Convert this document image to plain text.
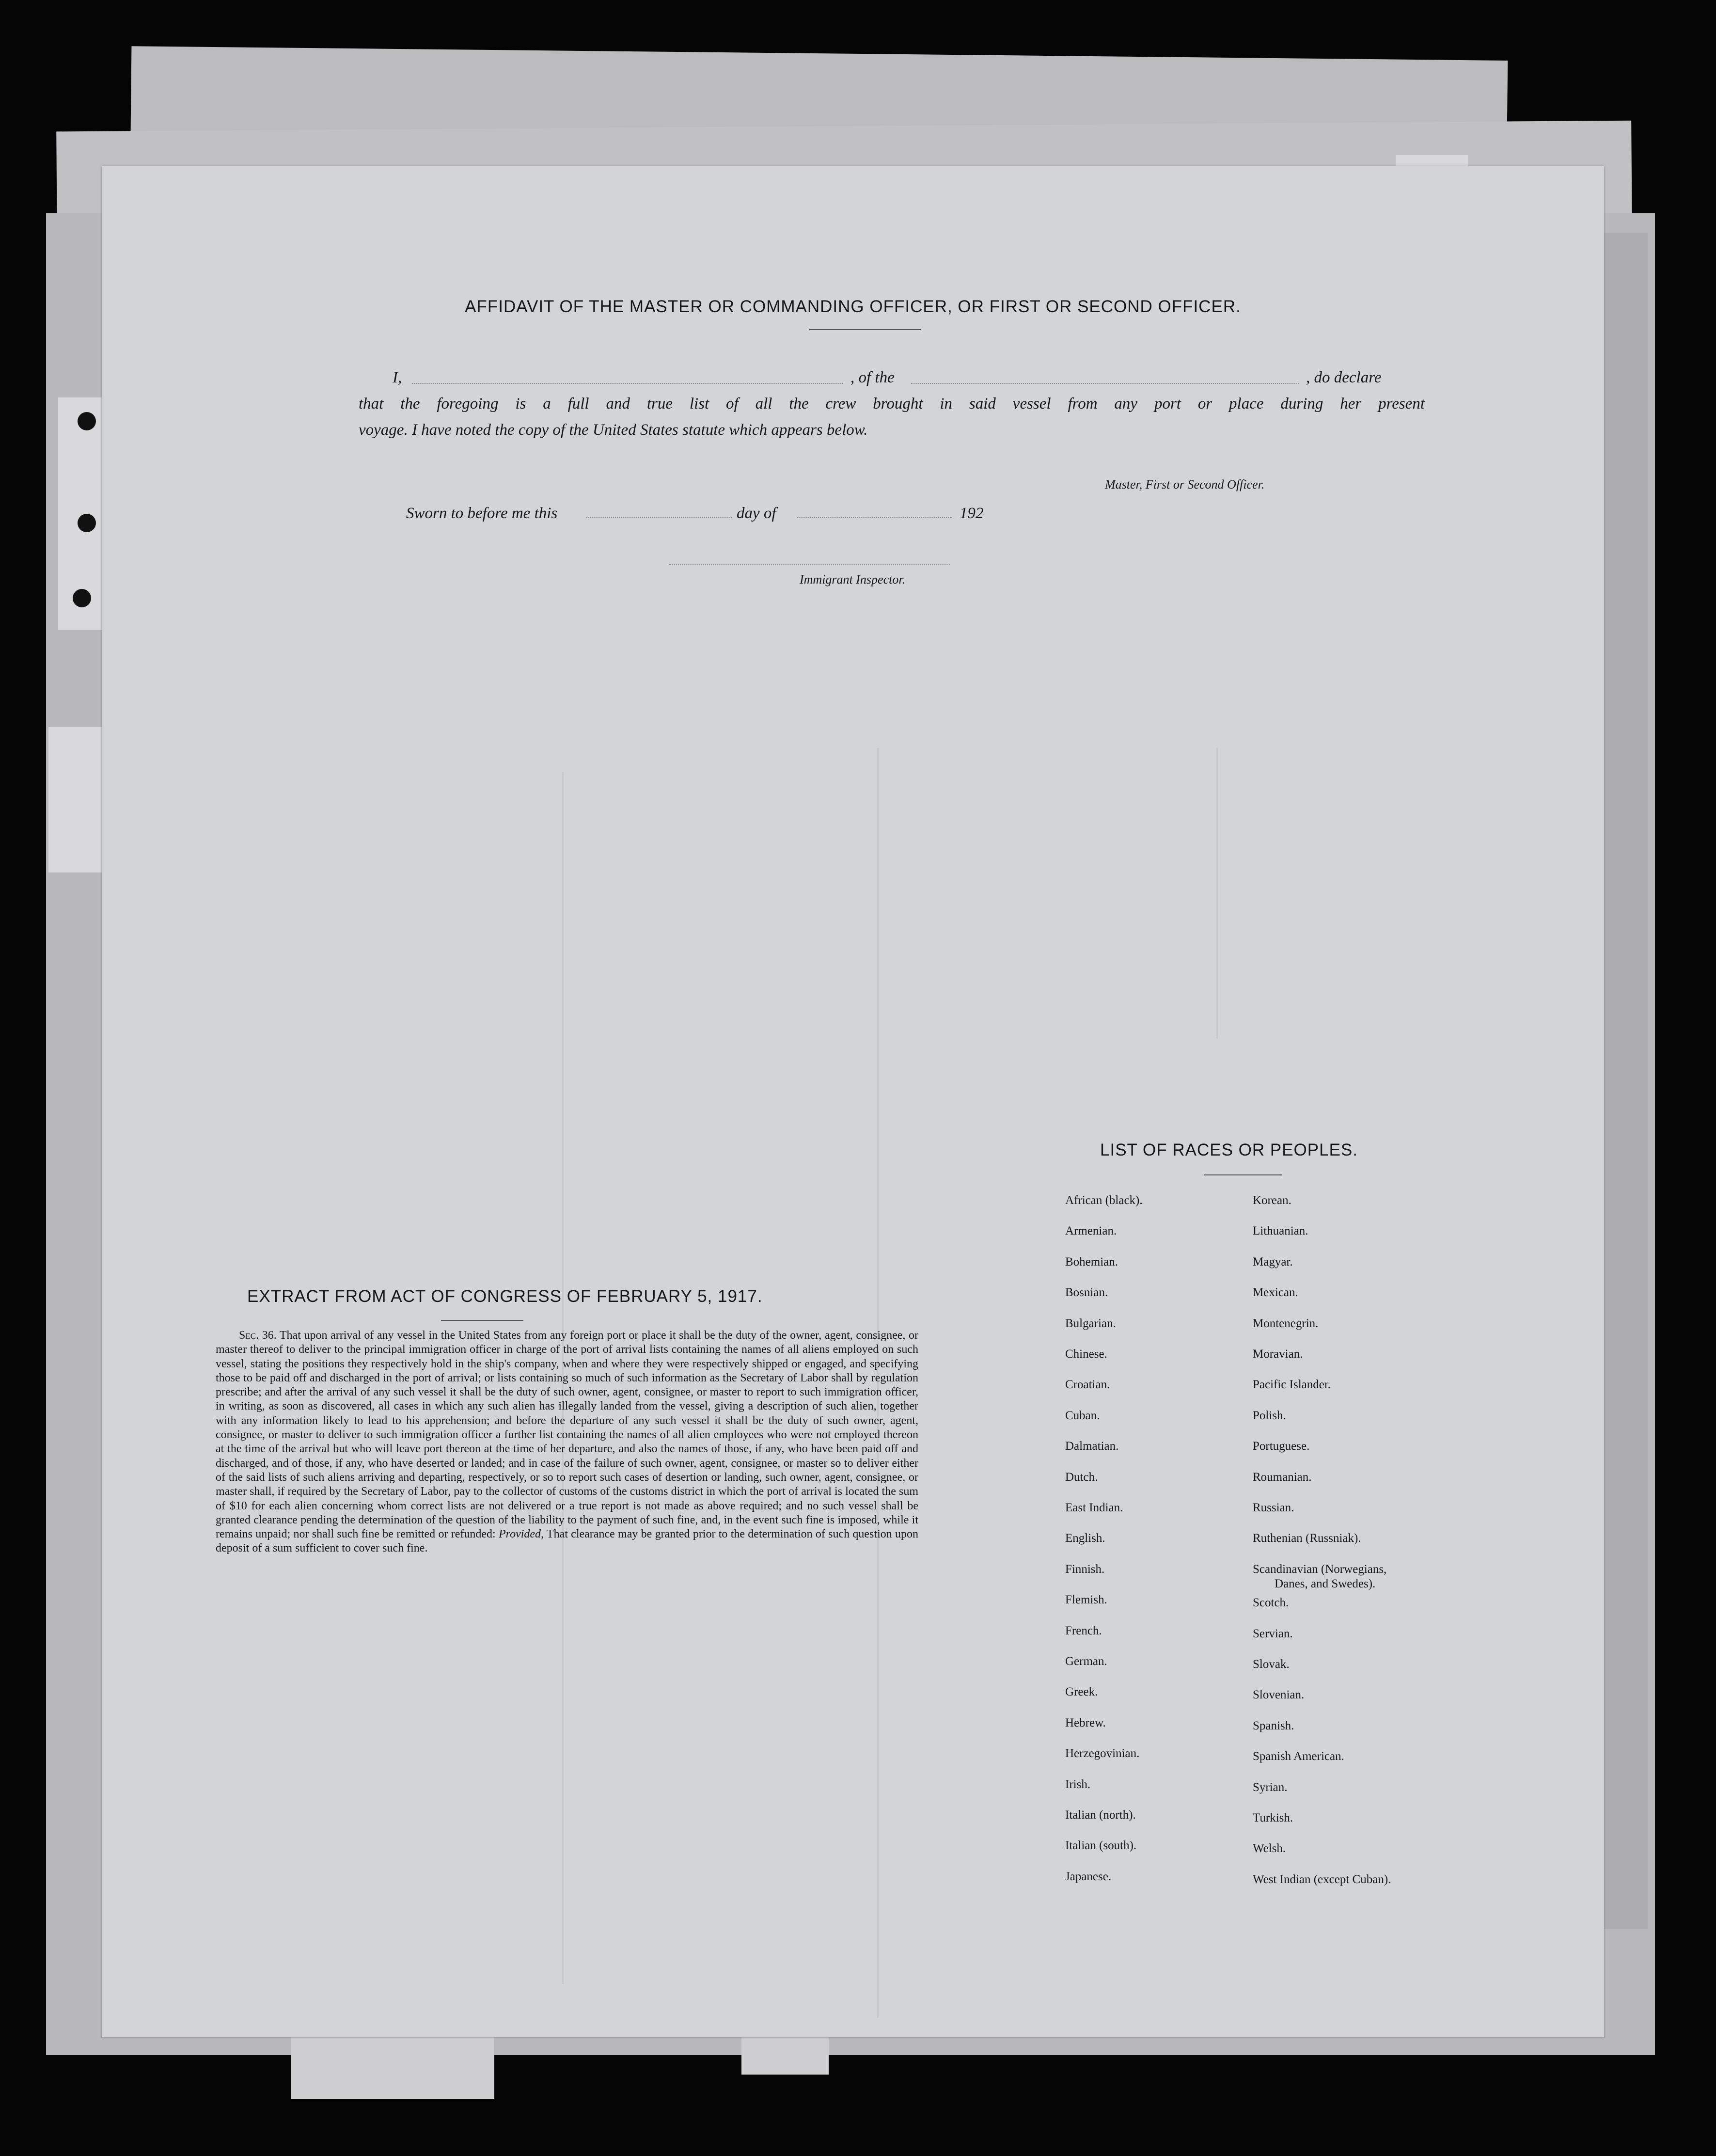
AFFIDAVIT OF THE MASTER OR COMMANDING OFFICER, OR FIRST OR SECOND OFFICER.
I,	, of the	, do declare
that the foregoing is a full and true list of all the crew brought in said vessel from any port or place during her present
voyage. I have noted the copy of the United States statute which appears below.
Master, First or Second Officer.
Sworn to before me this	day of	192
Immigrant Inspector.
LIST OF RACES OR PEOPLES.
African (black).
Armenian.
Bohemian.
Bosnian.
Bulgarian.
Chinese.
Croatian.
Cuban.
Dalmatian.
Dutch.
East Indian.
English.
Finnish.
Flemish.
French.
German.
Greek.
Hebrew.
Herzegovinian.
Irish.
Italian (north).
Italian (south).
Japanese.
Korean.
Lithuanian.
Magyar.
Mexican.
Montenegrin.
Moravian.
Pacific Islander.
Polish.
Portuguese.
Roumanian.
Russian.
Ruthenian (Russniak).
Scandinavian (Norwegians,
Danes, and Swedes).
Scotch.
Servian.
Slovak.
Slovenian.
Spanish.
Spanish American.
Syrian.
Turkish.
Welsh.
West Indian (except Cuban).
EXTRACT FROM ACT OF CONGRESS OF FEBRUARY 5, 1917.
Sec. 36. That upon arrival of any vessel in the United States from any foreign port or place it shall be the duty of the owner, agent, consignee, or master thereof to deliver to the principal immigration officer in charge of the port of arrival lists containing the names of all aliens employed on such vessel, stating the positions they respectively hold in the ship's company, when and where they were respectively shipped or engaged, and specifying those to be paid off and discharged in the port of arrival; or lists containing so much of such information as the Secretary of Labor shall by regulation prescribe; and after the arrival of any such vessel it shall be the duty of such owner, agent, consignee, or master to report to such immigration officer, in writing, as soon as discovered, all cases in which any such alien has illegally landed from the vessel, giving a description of such alien, together with any information likely to lead to his apprehension; and before the departure of any such vessel it shall be the duty of such owner, agent, consignee, or master to deliver to such immigration officer a further list containing the names of all alien employees who were not employed thereon at the time of the arrival but who will leave port thereon at the time of her departure, and also the names of those, if any, who have been paid off and discharged, and of those, if any, who have deserted or landed; and in case of the failure of such owner, agent, consignee, or master so to deliver either of the said lists of such aliens arriving and departing, respectively, or so to report such cases of desertion or landing, such owner, agent, consignee, or master shall, if required by the Secretary of Labor, pay to the collector of customs of the customs district in which the port of arrival is located the sum of $10 for each alien concerning whom correct lists are not delivered or a true report is not made as above required; and no such vessel shall be granted clearance pending the determination of the question of the liability to the payment of such fine, and, in the event such fine is imposed, while it remains unpaid; nor shall such fine be remitted or refunded: Provided, That clearance may be granted prior to the determination of such question upon deposit of a sum sufficient to cover such fine.
